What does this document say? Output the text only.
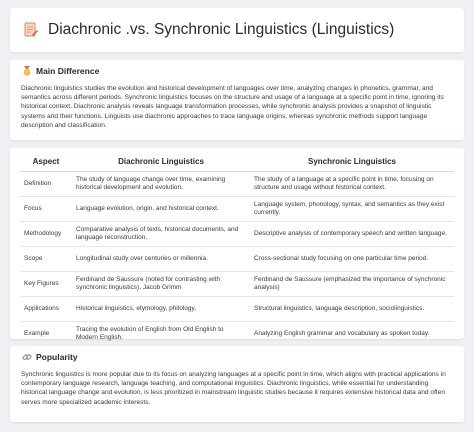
Diachronic .vs. Synchronic Linguistics (Linguistics)
Main Difference
Diachronic linguistics studies the evolution and historical development of languages over time, analyzing changes in phonetics, grammar, and semantics across different periods. Synchronic linguistics focuses on the structure and usage of a language at a specific point in time, ignoring its historical context. Diachronic analysis reveals language transformation processes, while synchronic analysis provides a snapshot of linguistic systems and their functions. Linguists use diachronic approaches to trace language origins, whereas synchronic methods support language description and classification.
Aspect	Diachronic Linguistics	Synchronic Linguistics
Definition	The study of language change over time, examining historical development and evolution.	The study of a language at a specific point in time, focusing on structure and usage without historical context.
Focus	Language evolution, origin, and historical context.	Language system, phonology, syntax, and semantics as they exist currently.
Methodology	Comparative analysis of texts, historical documents, and language reconstruction.	Descriptive analysis of contemporary speech and written language.
Scope	Longitudinal study over centuries or millennia.	Cross-sectional study focusing on one particular time period.
Key Figures	Ferdinand de Saussure (noted for contrasting with synchronic linguistics), Jacob Grimm	Ferdinand de Saussure (emphasized the importance of synchronic analysis)
Applications	Historical linguistics, etymology, philology.	Structural linguistics, language description, sociolinguistics.
Example	Tracing the evolution of English from Old English to Modern English.	Analyzing English grammar and vocabulary as spoken today.
Popularity
Synchronic linguistics is more popular due to its focus on analyzing languages at a specific point in time, which aligns with practical applications in contemporary language research, language teaching, and computational linguistics. Diachronic linguistics, while essential for understanding historical language change and evolution, is less prioritized in mainstream linguistic studies because it requires extensive historical data and often serves more specialized academic interests.
